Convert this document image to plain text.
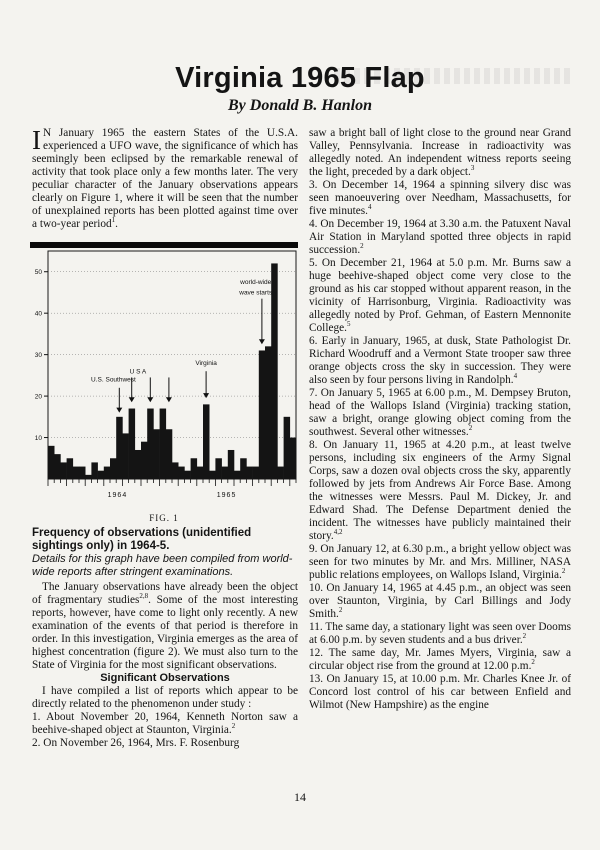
Virginia 1965 Flap
By Donald B. Hanlon

I N January 1965 the eastern States of the U.S.A. experienced a UFO wave, the significance of which has seemingly been eclipsed by the remarkable renewal of activity that took place only a few months later. The very peculiar character of the January observations appears clearly on Figure 1, where it will be seen that the number of unexplained reports has been plotted against time over a two-year period$^1$.

10
20
30
40
50
1964	1965
U.S. Southwest
U S A
Virginia
world-wide
wave starts
FIG. 1
Frequency of observations (unidentified sightings only) in 1964-5.
Details for this graph have been compiled from world-wide reports after stringent examinations.

The January observations have already been the object of fragmentary studies$^{2,8}$. Some of the most interesting reports, however, have come to light only recently. A new examination of the events of that period is therefore in order. In this investigation, Virginia emerges as the area of highest concentration (figure 2). We must also turn to the State of Virginia for the most significant observations.

Significant Observations

I have compiled a list of reports which appear to be directly related to the phenomenon under study :

1. About November 20, 1964, Kenneth Norton saw a beehive-shaped object at Staunton, Virginia.$^2$

2. On November 26, 1964, Mrs. F. Rosenburg

saw a bright ball of light close to the ground near Grand Valley, Pennsylvania. Increase in radioactivity was allegedly noted. An independent witness reports seeing the light, preceded by a dark object.$^3$

3. On December 14, 1964 a spinning silvery disc was seen manoeuvering over Needham, Massachusetts, for five minutes.$^4$

4. On December 19, 1964 at 3.30 a.m. the Patuxent Naval Air Station in Maryland spotted three objects in rapid succession.$^2$

5. On December 21, 1964 at 5.0 p.m. Mr. Burns saw a huge beehive-shaped object come very close to the ground as his car stopped without apparent reason, in the vicinity of Harrisonburg, Virginia. Radioactivity was allegedly noted by Prof. Gehman, of Eastern Mennonite College.$^5$

6. Early in January, 1965, at dusk, State Pathologist Dr. Richard Woodruff and a Vermont State trooper saw three orange objects cross the sky in succession. They were also seen by four persons living in Randolph.$^4$

7. On January 5, 1965 at 6.00 p.m., M. Dempsey Bruton, head of the Wallops Island (Virginia) tracking station, saw a bright, orange glowing object coming from the southwest. Several other witnesses.$^2$

8. On January 11, 1965 at 4.20 p.m., at least twelve persons, including six engineers of the Army Signal Corps, saw a dozen oval objects cross the sky, apparently followed by jets from Andrews Air Force Base. Among the witnesses were Messrs. Paul M. Dickey, Jr. and Edward Shad. The Defense Department denied the incident. The witnesses have publicly maintained their story.$^{4,2}$

9. On January 12, at 6.30 p.m., a bright yellow object was seen for two minutes by Mr. and Mrs. Milliner, NASA public relations employees, on Wallops Island, Virginia.$^2$

10. On January 14, 1965 at 4.45 p.m., an object was seen over Staunton, Virginia, by Carl Billings and Jody Smith.$^2$

11. The same day, a stationary light was seen over Dooms at 6.00 p.m. by seven students and a bus driver.$^2$

12. The same day, Mr. James Myers, Virginia, saw a circular object rise from the ground at 12.00 p.m.$^2$

13. On January 15, at 10.00 p.m. Mr. Charles Knee Jr. of Concord lost control of his car between Enfield and Wilmot (New Hampshire) as the engine

14
